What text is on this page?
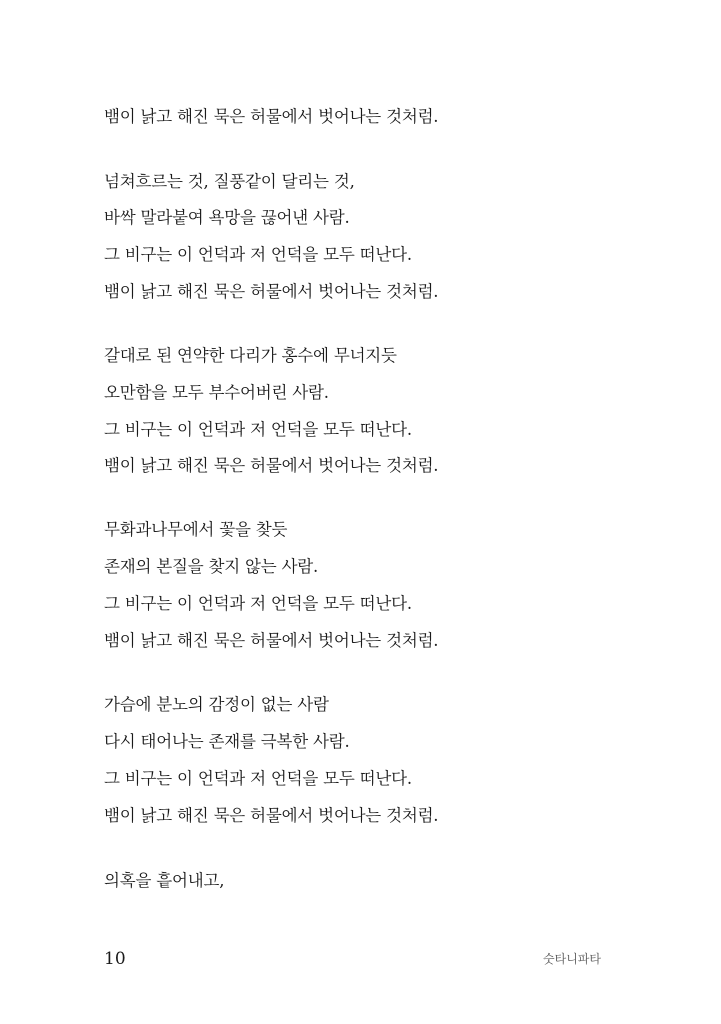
뱀이 낡고 해진 묵은 허물에서 벗어나는 것처럼.
넘쳐흐르는 것, 질풍같이 달리는 것,
바싹 말라붙여 욕망을 끊어낸 사람.
그 비구는 이 언덕과 저 언덕을 모두 떠난다.
뱀이 낡고 해진 묵은 허물에서 벗어나는 것처럼.
갈대로 된 연약한 다리가 홍수에 무너지듯
오만함을 모두 부수어버린 사람.
그 비구는 이 언덕과 저 언덕을 모두 떠난다.
뱀이 낡고 해진 묵은 허물에서 벗어나는 것처럼.
무화과나무에서 꽃을 찾듯
존재의 본질을 찾지 않는 사람.
그 비구는 이 언덕과 저 언덕을 모두 떠난다.
뱀이 낡고 해진 묵은 허물에서 벗어나는 것처럼.
가슴에 분노의 감정이 없는 사람
다시 태어나는 존재를 극복한 사람.
그 비구는 이 언덕과 저 언덕을 모두 떠난다.
뱀이 낡고 해진 묵은 허물에서 벗어나는 것처럼.
의혹을 흩어내고,
10	숫타니파타
